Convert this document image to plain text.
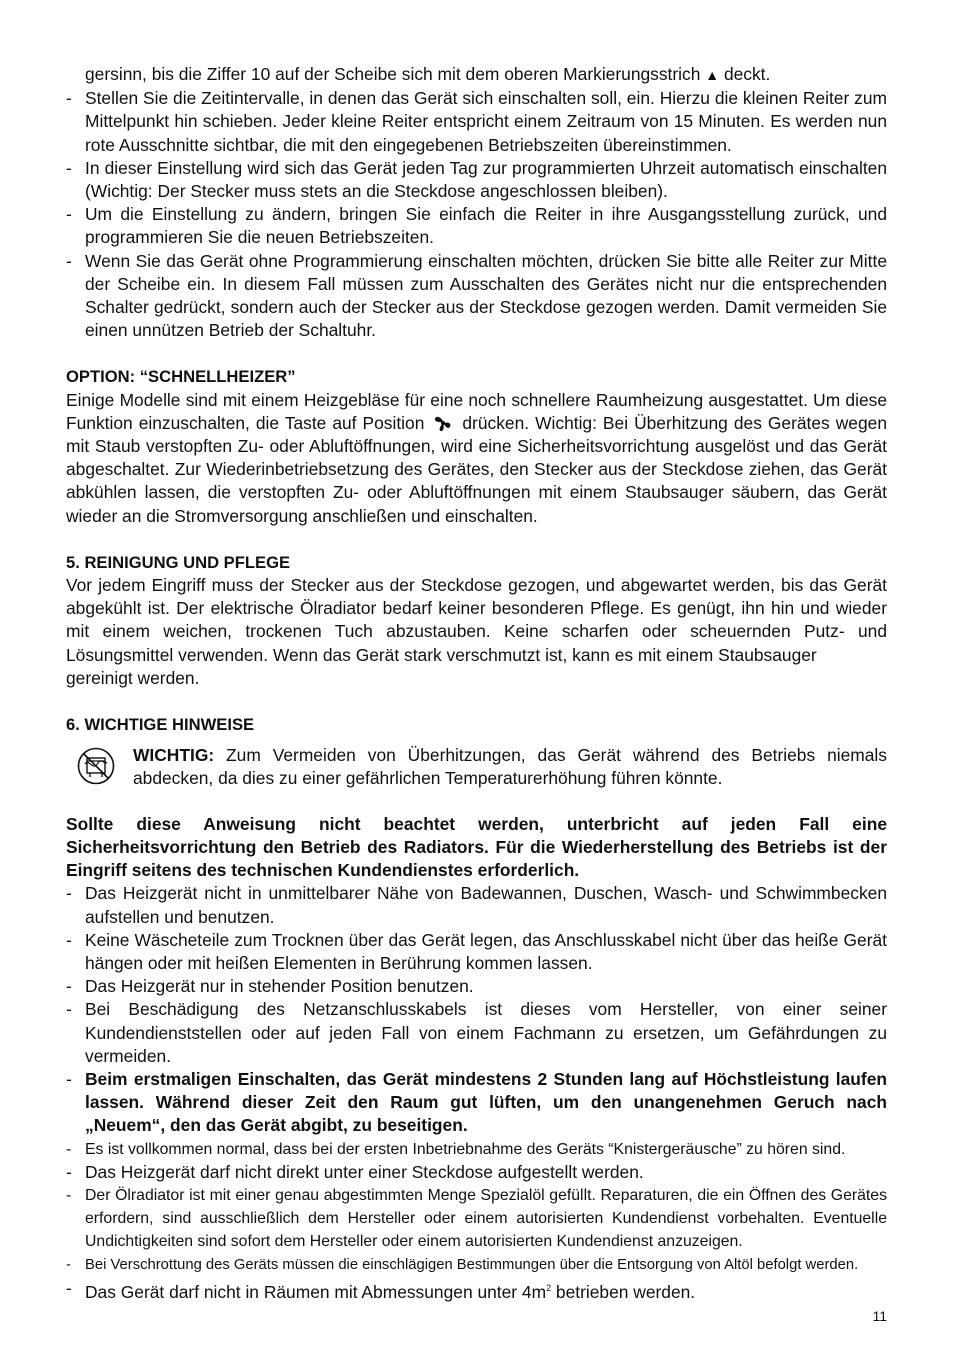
gersinn, bis die Ziffer 10 auf der Scheibe sich mit dem oberen Markierungsstrich ▲ deckt.

- Stellen Sie die Zeitintervalle, in denen das Gerät sich einschalten soll, ein. Hierzu die kleinen Reiter zum Mittelpunkt hin schieben. Jeder kleine Reiter entspricht einem Zeitraum von 15 Minuten. Es werden nun rote Ausschnitte sichtbar, die mit den eingegebenen Betriebszeiten übereinstimmen.
- In dieser Einstellung wird sich das Gerät jeden Tag zur programmierten Uhrzeit automatisch einschalten (Wichtig: Der Stecker muss stets an die Steckdose angeschlossen bleiben).
- Um die Einstellung zu ändern, bringen Sie einfach die Reiter in ihre Ausgangsstellung zurück, und programmieren Sie die neuen Betriebszeiten.
- Wenn Sie das Gerät ohne Programmierung einschalten möchten, drücken Sie bitte alle Reiter zur Mitte der Scheibe ein. In diesem Fall müssen zum Ausschalten des Gerätes nicht nur die entsprechenden Schalter gedrückt, sondern auch der Stecker aus der Steckdose gezogen werden. Damit vermeiden Sie einen unnützen Betrieb der Schaltuhr.
OPTION: “SCHNELLHEIZER”

Einige Modelle sind mit einem Heizgebläse für eine noch schnellere Raumheizung ausgestattet. Um diese Funktion einzuschalten, die Taste auf Position drücken. Wichtig: Bei Überhitzung des Gerätes wegen mit Staub verstopften Zu- oder Abluftöffnungen, wird eine Sicherheitsvorrichtung ausgelöst und das Gerät abgeschaltet. Zur Wiederinbetriebsetzung des Gerätes, den Stecker aus der Steckdose ziehen, das Gerät abkühlen lassen, die verstopften Zu- oder Abluftöffnungen mit einem Staubsauger säubern, das Gerät wieder an die Stromversorgung anschließen und einschalten.

5. REINIGUNG UND PFLEGE

Vor jedem Eingriff muss der Stecker aus der Steckdose gezogen, und abgewartet werden, bis das Gerät abgekühlt ist. Der elektrische Ölradiator bedarf keiner besonderen Pflege. Es genügt, ihn hin und wieder mit einem weichen, trockenen Tuch abzustauben. Keine scharfen oder scheuernden Putz- und Lösungsmittel verwenden. Wenn das Gerät stark verschmutzt ist, kann es mit einem Staubsauger

gereinigt werden.

6. WICHTIGE HINWEISE

WICHTIG: Zum Vermeiden von Überhitzungen, das Gerät während des Betriebs niemals abdecken, da dies zu einer gefährlichen Temperaturerhöhung führen könnte.

Sollte diese Anweisung nicht beachtet werden, unterbricht auf jeden Fall eine Sicherheitsvorrichtung den Betrieb des Radiators. Für die Wiederherstellung des Betriebs ist der Eingriff seitens des technischen Kundendienstes erforderlich.

- Das Heizgerät nicht in unmittelbarer Nähe von Badewannen, Duschen, Wasch- und Schwimmbecken aufstellen und benutzen.
- Keine Wäscheteile zum Trocknen über das Gerät legen, das Anschlusskabel nicht über das heiße Gerät hängen oder mit heißen Elementen in Berührung kommen lassen.
- Das Heizgerät nur in stehender Position benutzen.
- Bei Beschädigung des Netzanschlusskabels ist dieses vom Hersteller, von einer seiner Kundendienststellen oder auf jeden Fall von einem Fachmann zu ersetzen, um Gefährdungen zu vermeiden.
- Beim erstmaligen Einschalten, das Gerät mindestens 2 Stunden lang auf Höchstleistung laufen lassen. Während dieser Zeit den Raum gut lüften, um den unangenehmen Geruch nach „Neuem“, den das Gerät abgibt, zu beseitigen.
- Es ist vollkommen normal, dass bei der ersten Inbetriebnahme des Geräts “Knistergeräusche” zu hören sind.
- Das Heizgerät darf nicht direkt unter einer Steckdose aufgestellt werden.
- Der Ölradiator ist mit einer genau abgestimmten Menge Spezialöl gefüllt. Reparaturen, die ein Öffnen des Gerätes erfordern, sind ausschließlich dem Hersteller oder einem autorisierten Kundendienst vorbehalten. Eventuelle Undichtigkeiten sind sofort dem Hersteller oder einem autorisierten Kundendienst anzuzeigen.
- Bei Verschrottung des Geräts müssen die einschlägigen Bestimmungen über die Entsorgung von Altöl befolgt werden.
- Das Gerät darf nicht in Räumen mit Abmessungen unter $4m^2$ betrieben werden.
11
